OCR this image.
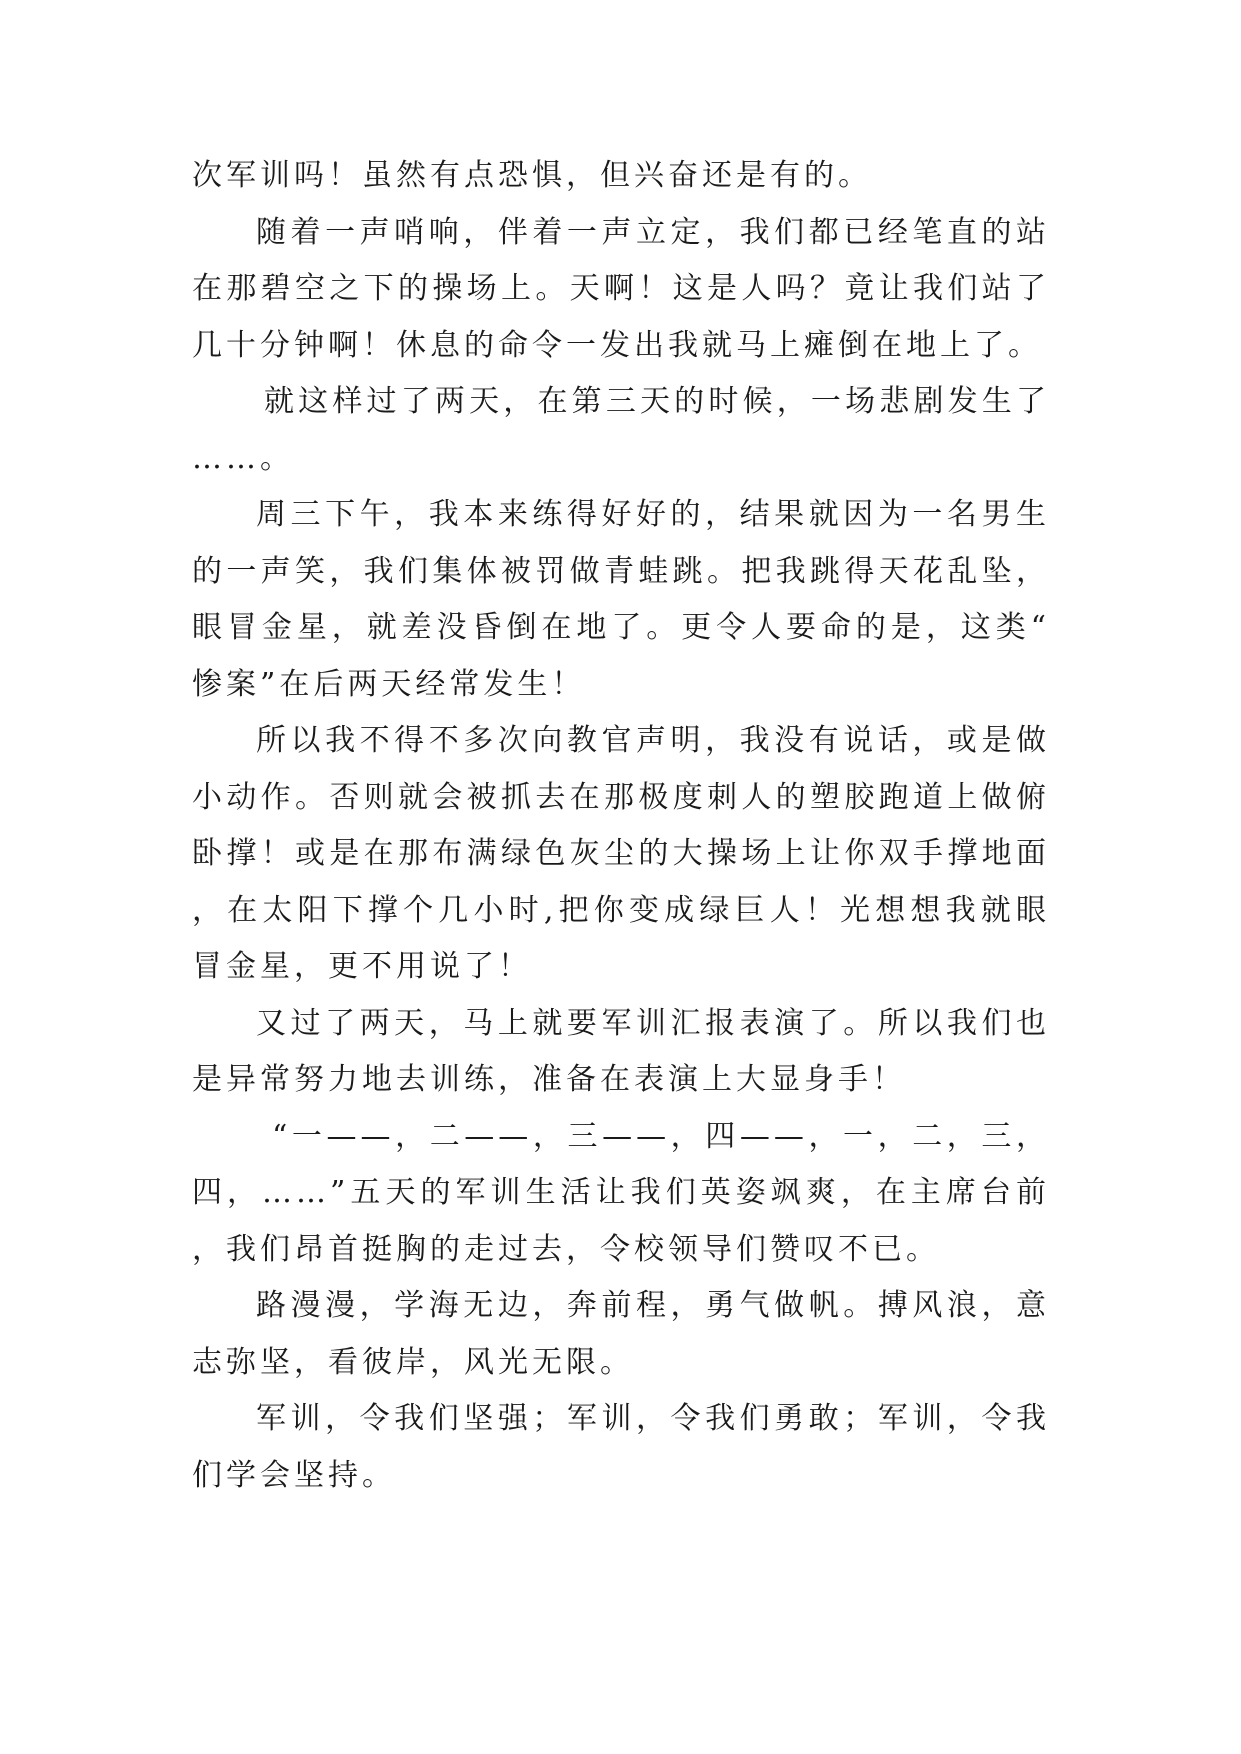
次军训吗！虽然有点恐惧，但兴奋还是有的。

随着一声哨响，伴着一声立定，我们都已经笔直的站在那碧空之下的操场上。天啊！这是人吗？竟让我们站了几十分钟啊！休息的命令一发出我就马上瘫倒在地上了。

就这样过了两天，在第三天的时候，一场悲剧发生了……。

周三下午，我本来练得好好的，结果就因为一名男生的一声笑，我们集体被罚做青蛙跳。把我跳得天花乱坠，眼冒金星，就差没昏倒在地了。更令人要命的是，这类“惨案”在后两天经常发生！

所以我不得不多次向教官声明，我没有说话，或是做小动作。否则就会被抓去在那极度刺人的塑胶跑道上做俯卧撑！或是在那布满绿色灰尘的大操场上让你双手撑地面，在太阳下撑个几小时,把你变成绿巨人！光想想我就眼冒金星，更不用说了！

又过了两天，马上就要军训汇报表演了。所以我们也是异常努力地去训练，准备在表演上大显身手！

“一——，二——，三——，四——，一，二，三，四，……”五天的军训生活让我们英姿飒爽，在主席台前，我们昂首挺胸的走过去，令校领导们赞叹不已。

路漫漫，学海无边，奔前程，勇气做帆。搏风浪，意志弥坚，看彼岸，风光无限。

军训，令我们坚强；军训，令我们勇敢；军训，令我们学会坚持。
